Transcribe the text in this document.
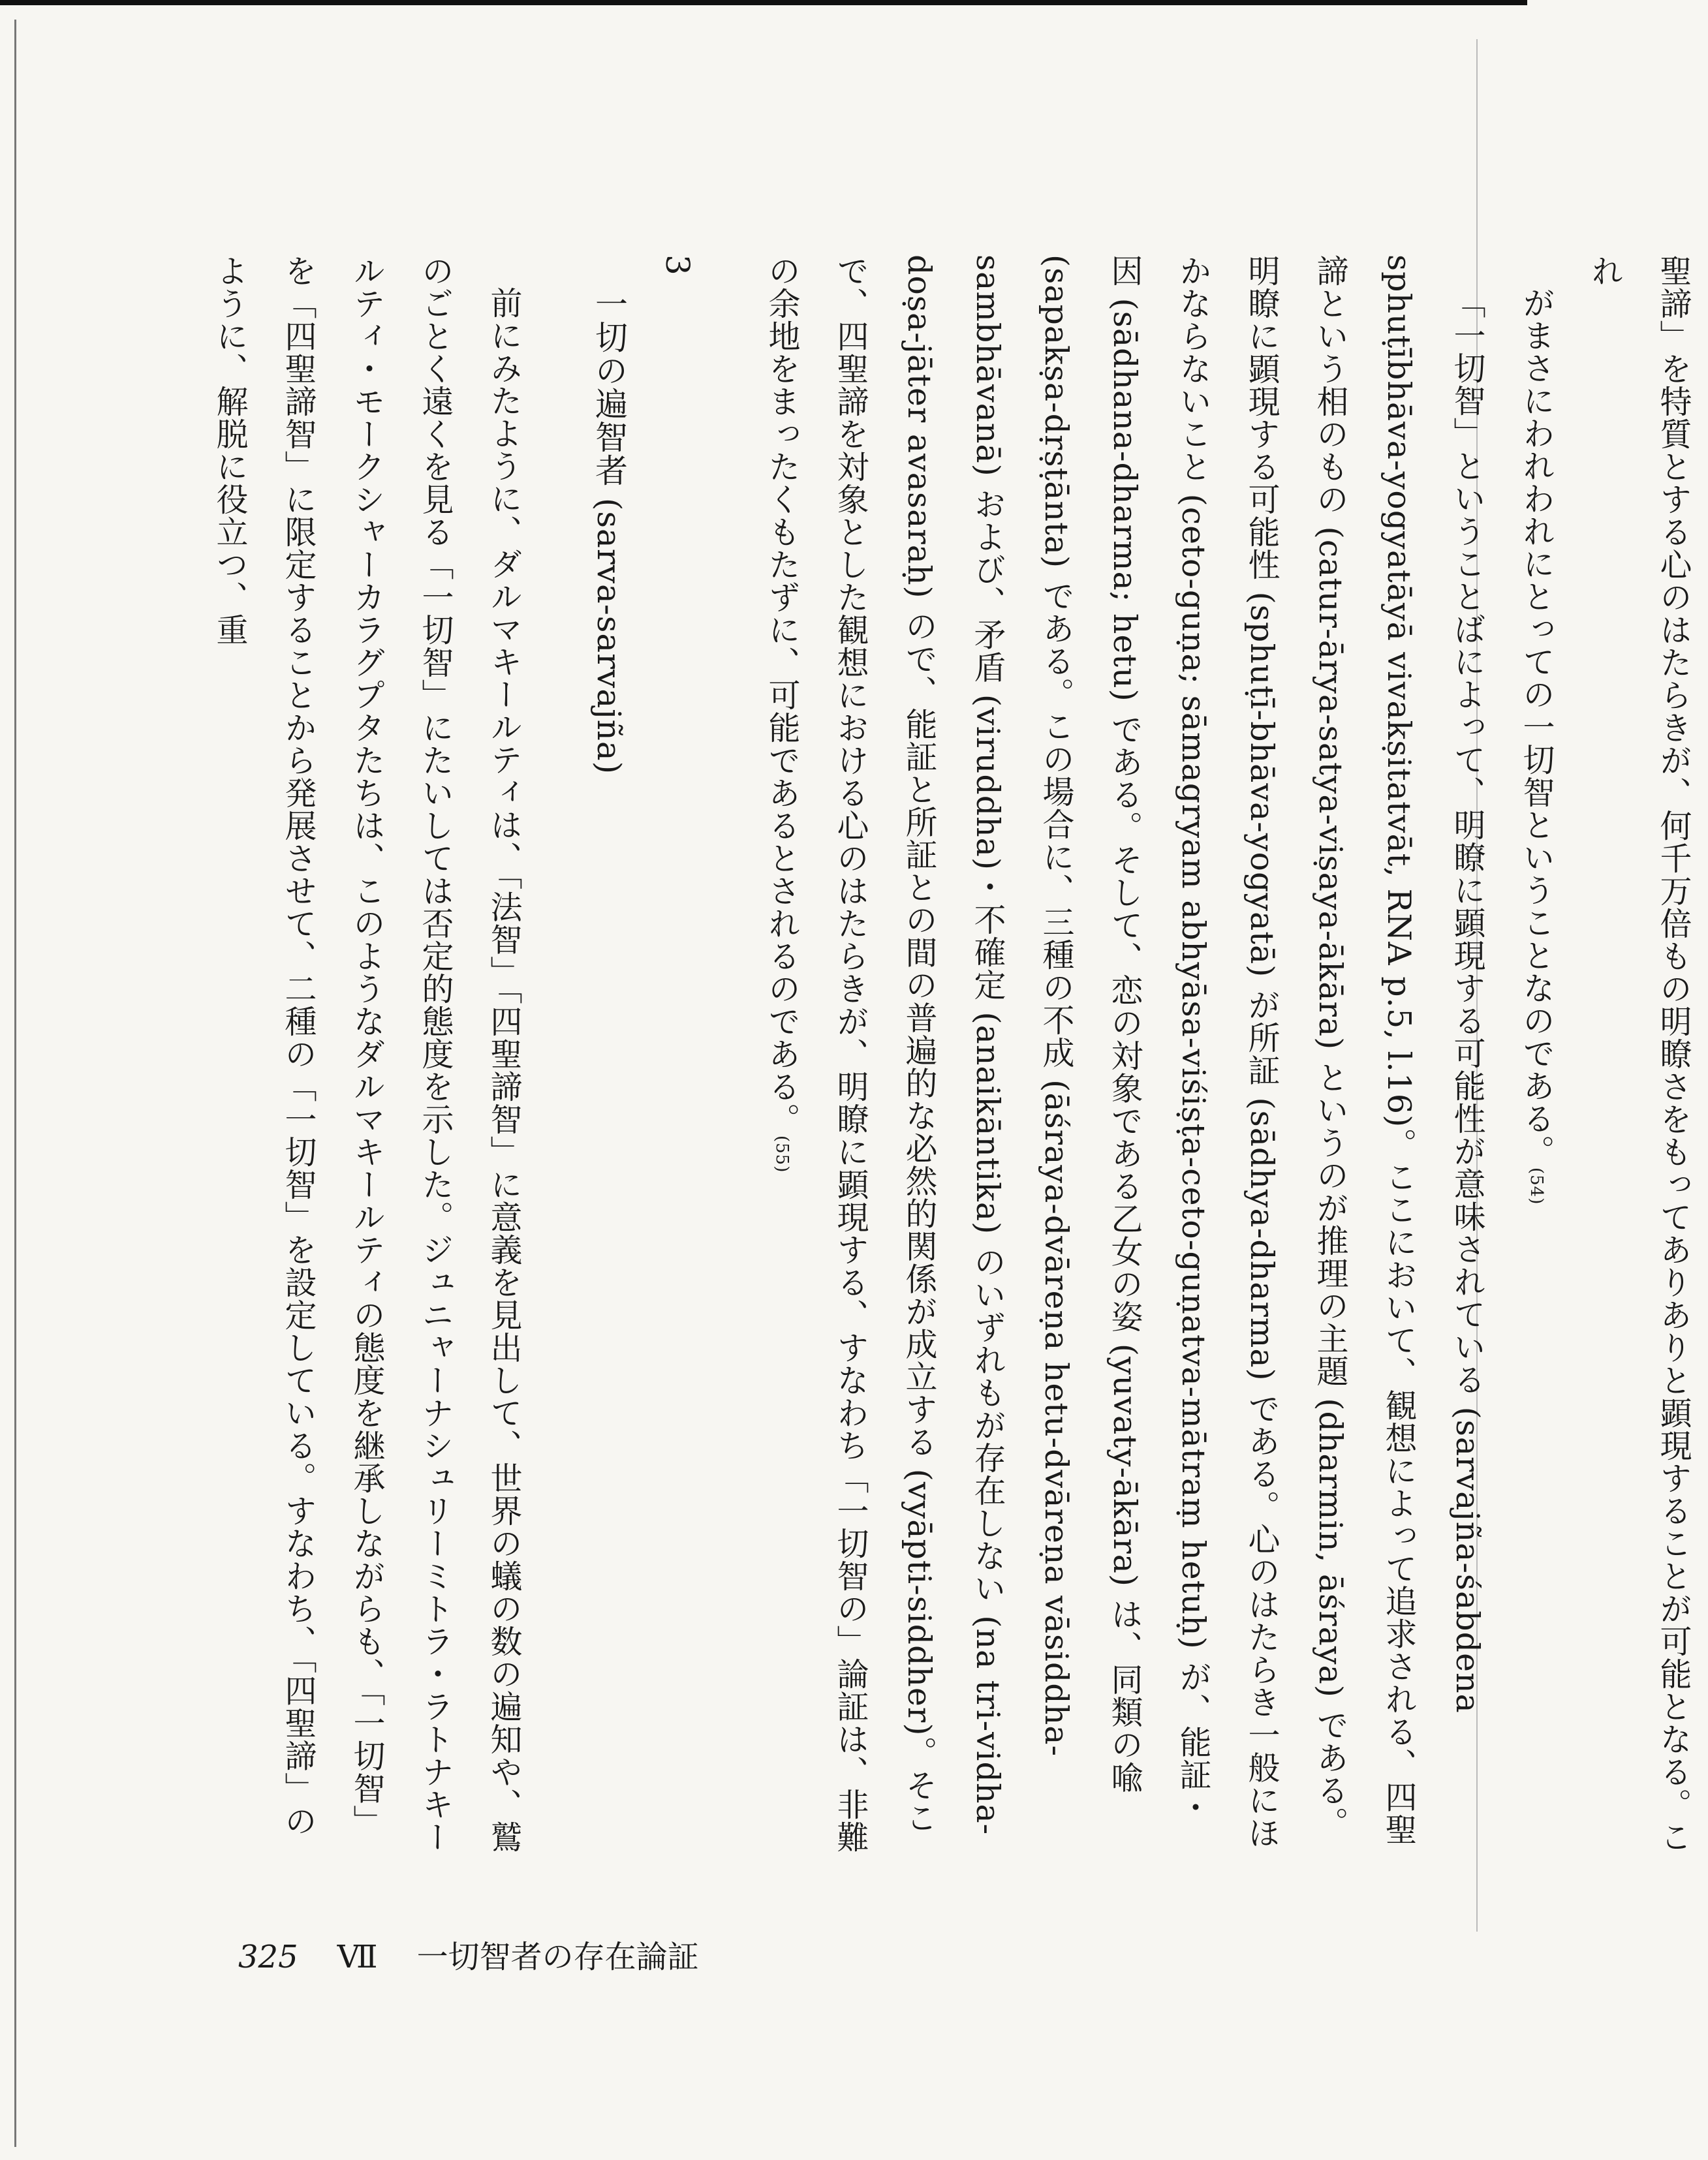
聖諦」を特質とする心のはたらきが、何千万倍もの明瞭さをもってありありと顕現することが可能となる。これ
がまさにわれわれにとっての一切智ということなのである。(54)

「一切智」ということばによって、明瞭に顕現する可能性が意味されている (sarvajña-śabdena sphuṭībhāva-yogyatāyā vivakṣitatvāt, RNA p.5, l.16)。ここにおいて、観想によって追求される、四聖諦という相のもの (catur-ārya-satya-viṣaya-ākāra) というのが推理の主題 (dharmin, āśraya) である。明瞭に顕現する可能性 (sphuṭī-bhāva-yogyatā) が所証 (sādhya-dharma) である。心のはたらき一般にほかならないこと (ceto-guṇa; sāmagryam abhyāsa-viśiṣṭa-ceto-guṇatva-mātraṃ hetuḥ) が、能証・因 (sādhana-dharma; hetu) である。そして、恋の対象である乙女の姿 (yuvaty-ākāra) は、同類の喩 (sapakṣa-dṛṣṭānta) である。この場合に、三種の不成 (āśraya-dvāreṇa hetu-dvāreṇa vāsiddha-sambhāvanā) および、矛盾 (viruddha)・不確定 (anaikāntika) のいずれもが存在しない (na tri-vidha-doṣa-jāter avasaraḥ) ので、能証と所証との間の普遍的な必然的関係が成立する (vyāpti-siddher)。そこで、四聖諦を対象とした観想における心のはたらきが、明瞭に顕現する、すなわち「一切智の」論証は、非難の余地をまったくもたずに、可能であるとされるのである。(55)

3
一切の遍智者 (sarva-sarvajña)

前にみたように、ダルマキールティは、「法智」「四聖諦智」に意義を見出して、世界の蟻の数の遍知や、鷲のごとく遠くを見る「一切智」にたいしては否定的態度を示した。ジュニャーナシュリーミトラ・ラトナキールティ・モークシャーカラグプタたちは、このようなダルマキールティの態度を継承しながらも、「一切智」を「四聖諦智」に限定することから発展させて、二種の「一切智」を設定している。すなわち、「四聖諦」のように、解脱に役立つ、重

325 Ⅶ 一切智者の存在論証
